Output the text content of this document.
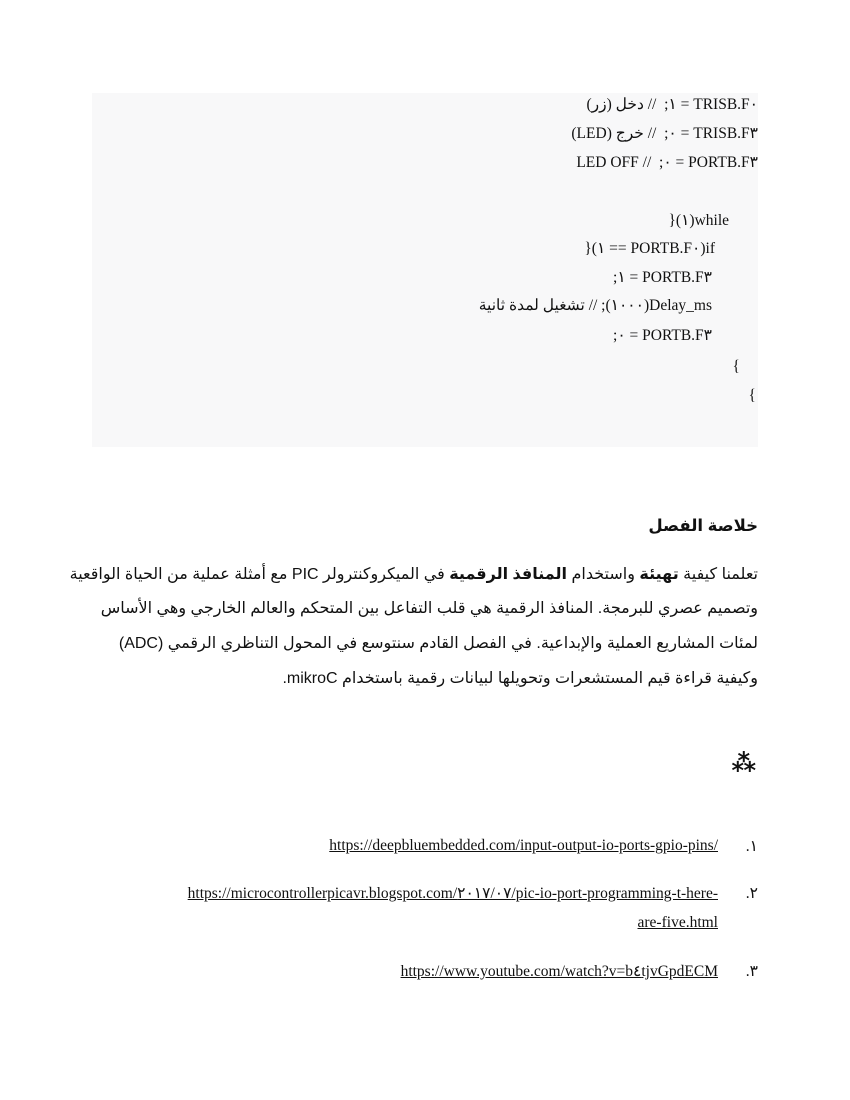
TRISB.F٠ = ١;  // دخل (زر)
TRISB.F٣ = ٠;  // خرج (LED)
PORTB.F٣ = ٠;  // LED OFF
while(١){
if(PORTB.F٠ == ١){
PORTB.F٣ = ١;
Delay_ms(١٠٠٠); // تشغيل لمدة ثانية
PORTB.F٣ = ٠;
}
}
خلاصة الفصل
تعلمنا كيفية تهيئة واستخدام المنافذ الرقمية في الميكروكنترولر PIC مع أمثلة عملية من الحياة الواقعية
وتصميم عصري للبرمجة. المنافذ الرقمية هي قلب التفاعل بين المتحكم والعالم الخارجي وهي الأساس
لمئات المشاريع العملية والإبداعية. في الفصل القادم سنتوسع في المحول التناظري الرقمي (ADC)
وكيفية قراءة قيم المستشعرات وتحويلها لبيانات رقمية باستخدام mikroC.
⁂
١.
https://deepbluembedded.com/input-output-io-ports-gpio-pins/
٢.
https://microcontrollerpicavr.blogspot.com/٢٠١٧/٠٧/pic-io-port-programming-t-here-
are-five.html
٣.
https://www.youtube.com/watch?v=b٤tjvGpdECM
